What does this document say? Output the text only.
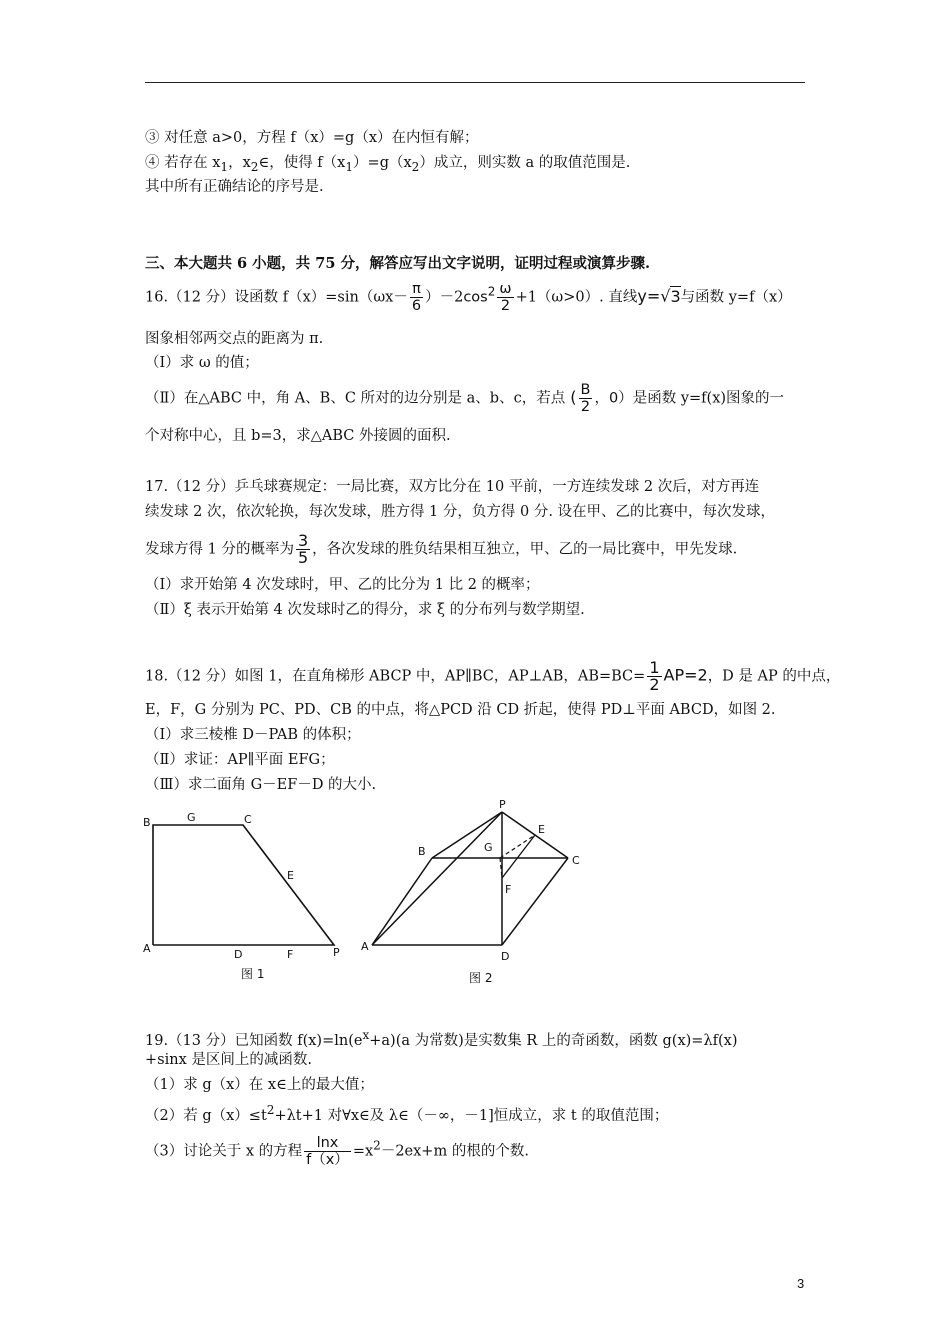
③ 对任意 a>0，方程 f（x）=g（x）在内恒有解；
④ 若存在 $x_1$，$x_2\in$，使得 $f(x_1)=g(x_2)$成立，则实数 a 的取值范围是.
其中所有正确结论的序号是.
三、本大题共 6 小题，共 75 分，解答应写出文字说明，证明过程或演算步骤.
16.（12 分）设函数 $f(x)=\sin(\omega x- \frac{\pi}{6} )-2\cos^2 \frac{\omega}{2} +1(\omega>0)$. 直线y=√3与函数 y=f（x）
图象相邻两交点的距离为 π.
（Ⅰ）求 ω 的值；
（Ⅱ）在△ABC 中，角 A、B、C 所对的边分别是 a、b、c，若点 ( $\frac{B}{2}$ ，0）是函数 y=f(x)图象的一
个对称中心，且 b=3，求△ABC 外接圆的面积.
17.（12 分）乒乓球赛规定：一局比赛，双方比分在 10 平前，一方连续发球 2 次后，对方再连
续发球 2 次，依次轮换，每次发球，胜方得 1 分，负方得 0 分. 设在甲、乙的比赛中，每次发球，
发球方得 1 分的概率为 $\frac{3}{5}$ ，各次发球的胜负结果相互独立，甲、乙的一局比赛中，甲先发球.
（Ⅰ）求开始第 4 次发球时，甲、乙的比分为 1 比 2 的概率；
（Ⅱ）ξ 表示开始第 4 次发球时乙的得分，求 ξ 的分布列与数学期望.
18.（12 分）如图 1，在直角梯形 ABCP 中，AP∥BC，AP⊥AB，$AB=BC= \frac{1}{2} AP=2$，D 是 AP 的中点，
E，F，G 分别为 PC、PD、CB 的中点，将△PCD 沿 CD 折起，使得 PD⊥平面 ABCD，如图 2.
（Ⅰ）求三棱椎 D－PAB 的体积；
（Ⅱ）求证：AP∥平面 EFG；
（Ⅲ）求二面角 G－EF－D 的大小.
B	G	C
E
A	D	F	P
图 1
P
E
B	G
C
F
A
D
图 2
19.（13 分）已知函数 $f(x)=\ln(e^x+a)(a$ 为常数)是实数集 R 上的奇函数，函数 g(x)=λf(x)
+sinx 是区间上的减函数.
（1）求 g（x）在 x∈上的最大值；
（2）若 $g(x)\le t^2+\lambda t+1$ 对∀x∈及 λ∈（－∞，－1]恒成立，求 t 的取值范围；
（3）讨论关于 x 的方程 $\frac{\ln x}{f(x)} =x^2-2ex+m$ 的根的个数.
3
